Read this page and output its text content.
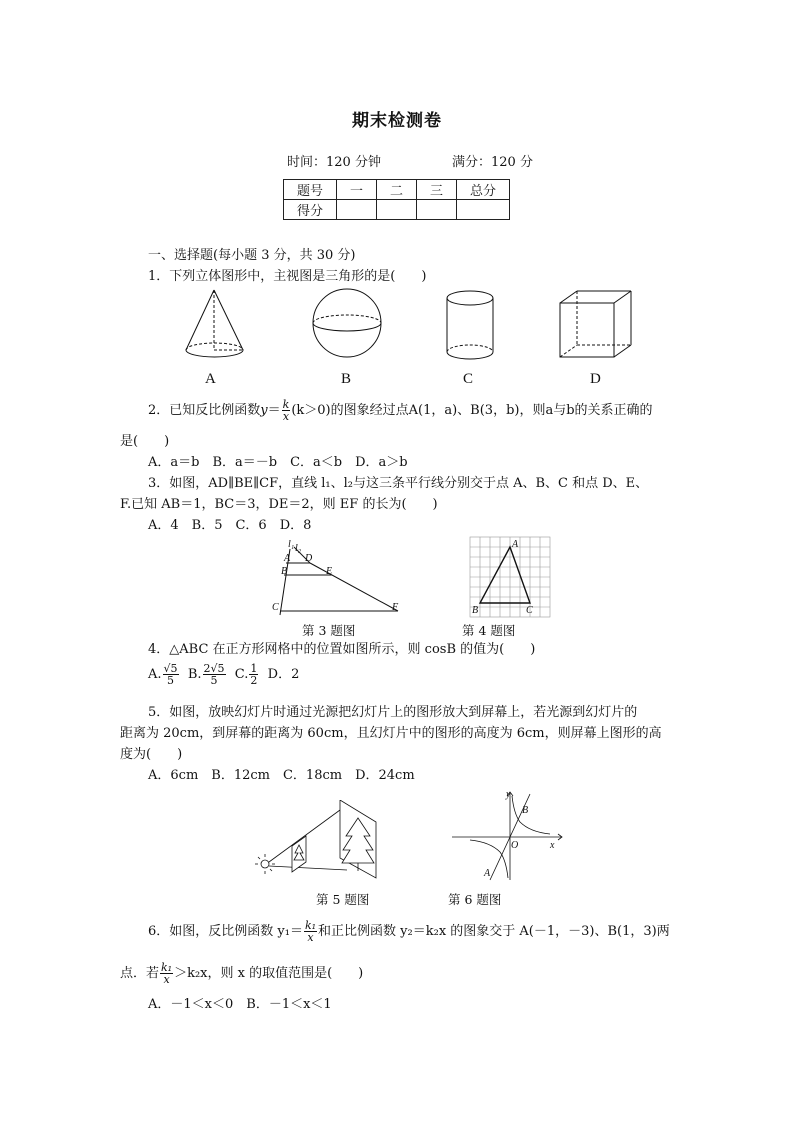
期末检测卷
时间：120 分钟	满分：120 分
题号	一	二	三	总分
得分				
一、选择题(每小题 3 分，共 30 分)
1．下列立体图形中，主视图是三角形的是(　　)
A	B	C	D
2．已知反比例函数$y= \frac{k}{x} (k>0)$的图象经过点A(1，a)、B(3，b)，则a与b的关系正确的
是(　　)
A．a＝b　B．a＝－b　C．a＜b　D．a＞b
3．如图，AD∥BE∥CF，直线 l₁、l₂与这三条平行线分别交于点 A、B、C 和点 D、E、
F.已知 AB＝1，BC＝3，DE＝2，则 EF 的长为(　　)
A．4　B．5　C．6　D．8
l₁ l₂
A D
B	E
C	F
第 3 题图
A
B	C
第 4 题图
4．△ABC 在正方形网格中的位置如图所示，则 cosB 的值为(　　)
A. $\frac{√5}{5} B$. $\frac{2√5}{5} C$. $\frac{1}{2}$ D．2
5．如图，放映幻灯片时通过光源把幻灯片上的图形放大到屏幕上，若光源到幻灯片的
距离为 20cm，到屏幕的距离为 60cm，且幻灯片中的图形的高度为 6cm，则屏幕上图形的高
度为(　　)
A．6cm　B．12cm　C．18cm　D．24cm
第 5 题图
y
x
O
A
B
第 6 题图
6．如图，反比例函数 $y_1= \frac{\text{k₁}}{x}$ 和正比例函数 y₂＝k₂x 的图象交于 A(－1，－3)、B(1，3)两
点．若 $\frac{\text{k₁}}{x} >k_2x$，则 x 的取值范围是(　　)
A．－1＜x＜0　B．－1＜x＜1
